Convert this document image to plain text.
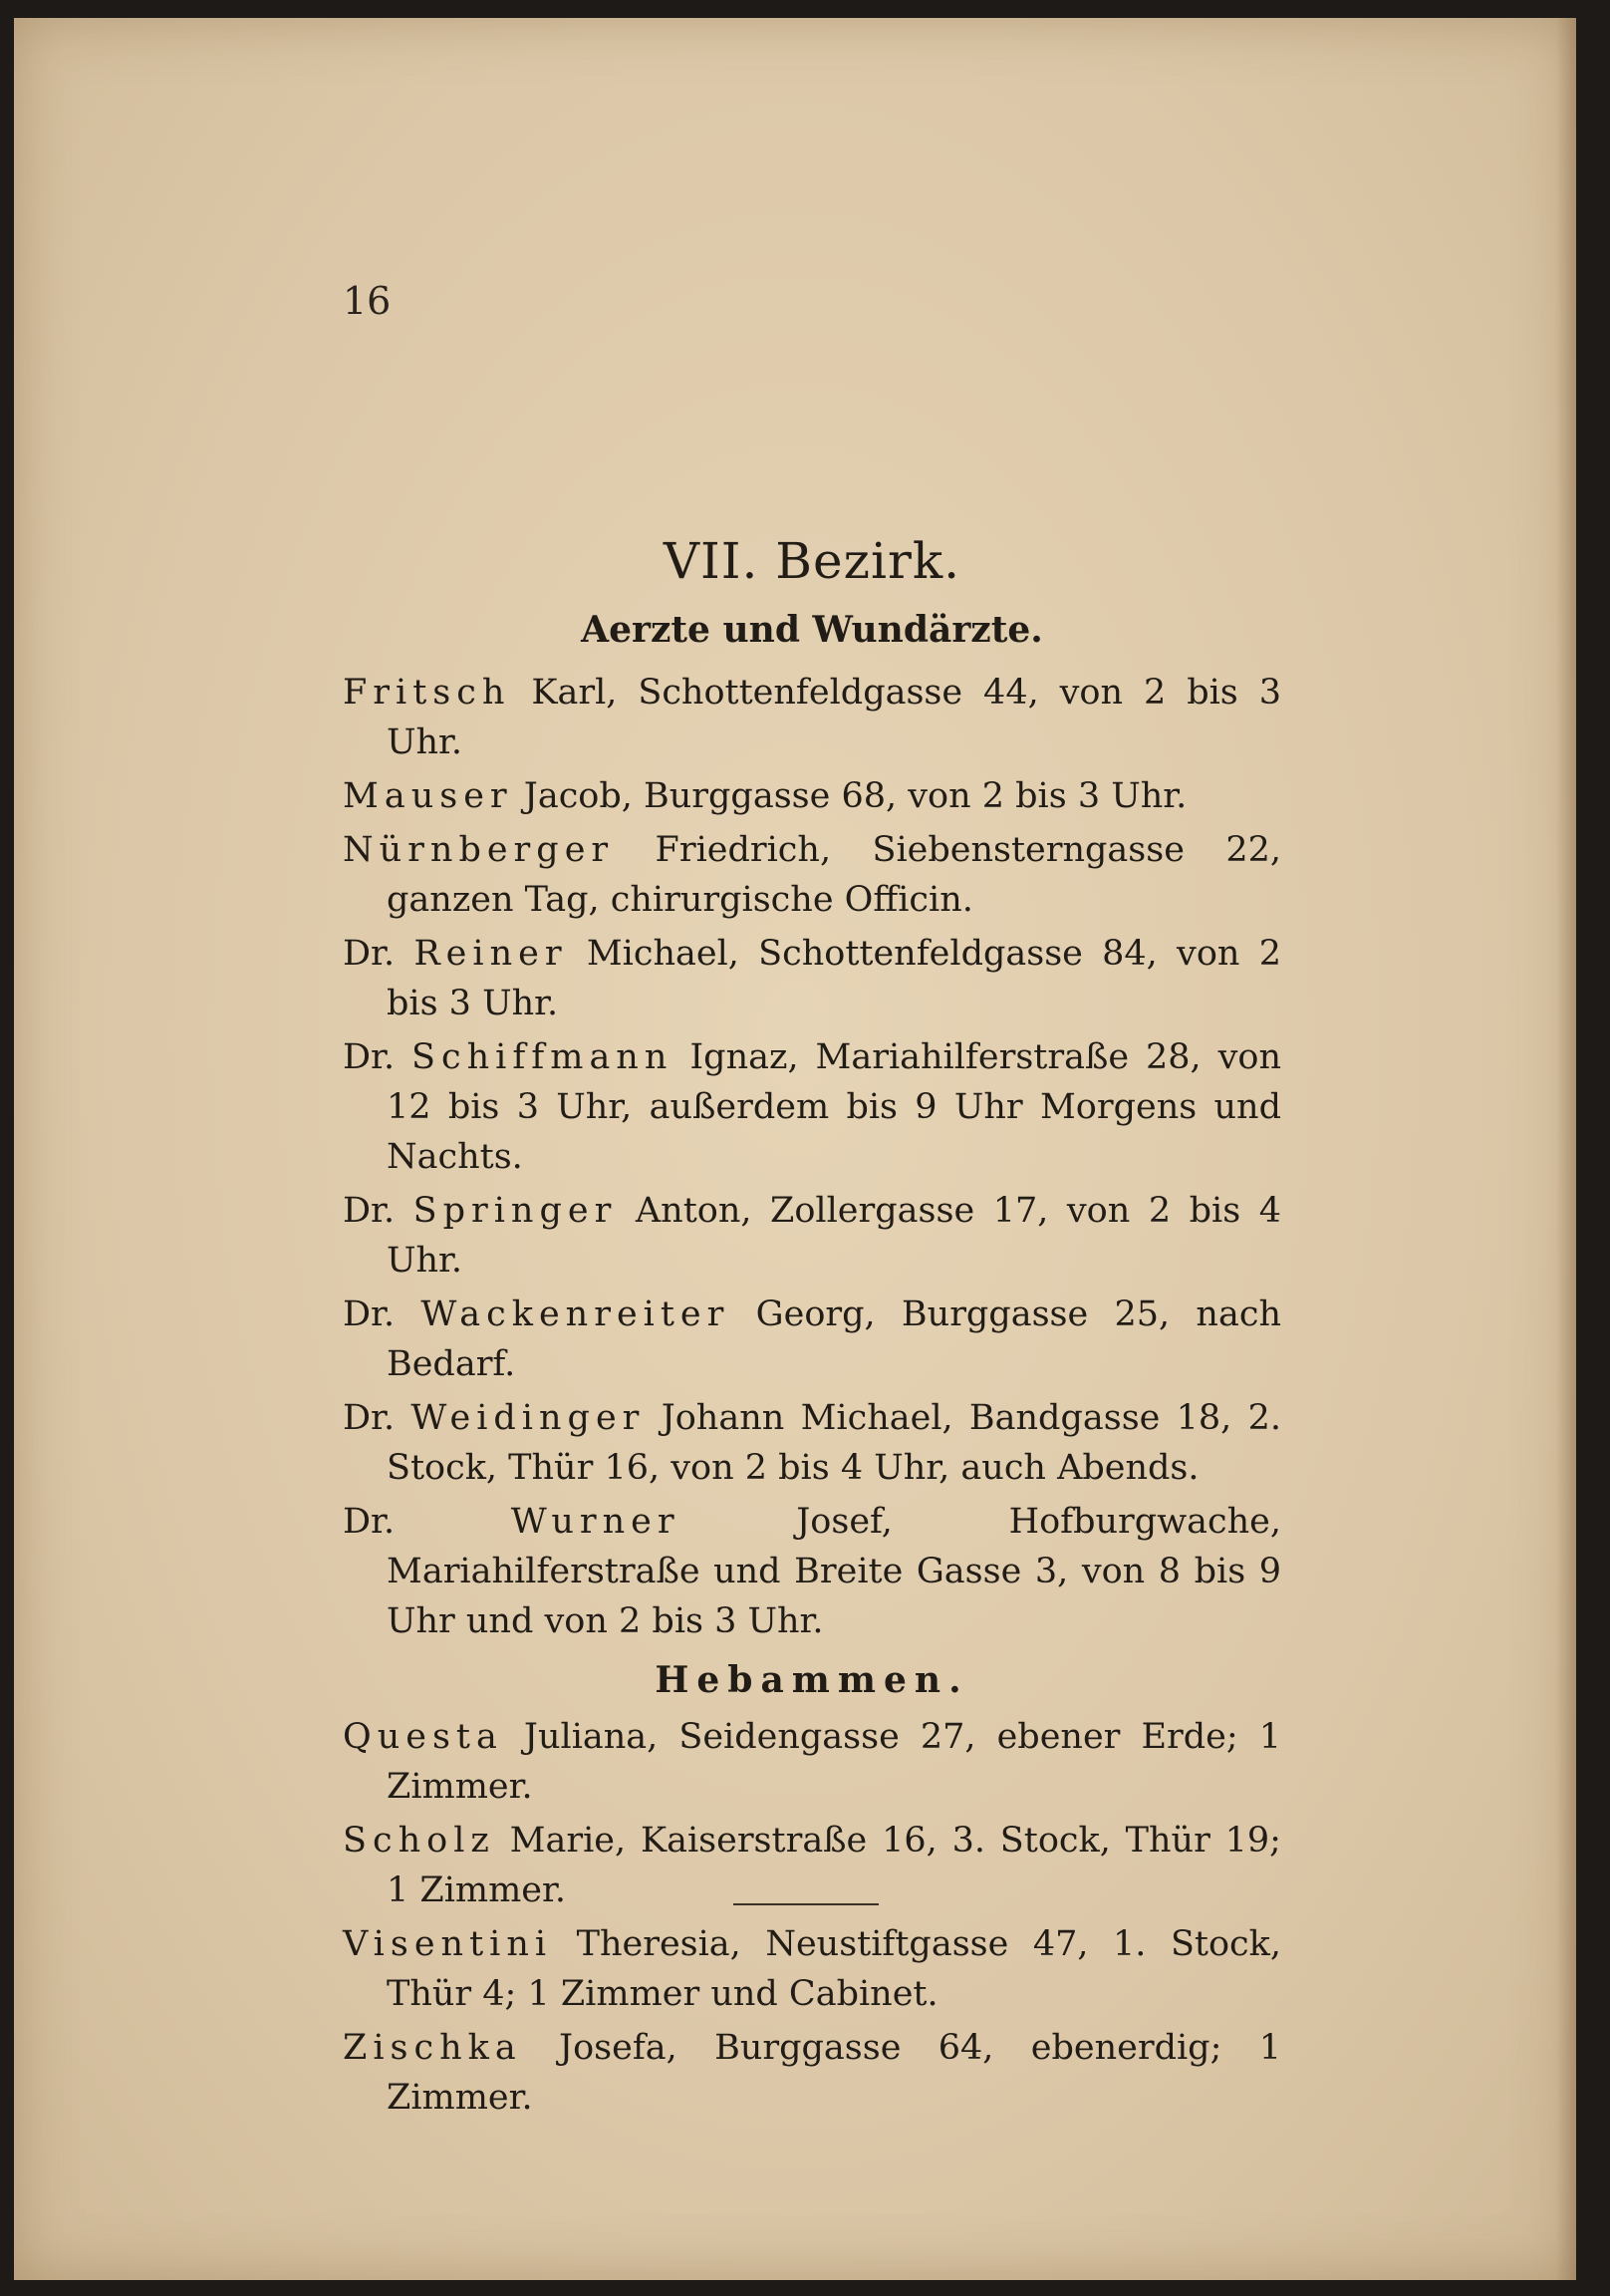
16
VII. Bezirk.
Aerzte und Wundärzte.
Fritsch Karl, Schottenfeldgasse 44, von 2 bis 3 Uhr.
Mauser Jacob, Burggasse 68, von 2 bis 3 Uhr.
Nürnberger Friedrich, Siebensterngasse 22, ganzen Tag, chirurgische Officin.
Dr. Reiner Michael, Schottenfeldgasse 84, von 2 bis 3 Uhr.
Dr. Schiffmann Ignaz, Mariahilferstraße 28, von 12 bis 3 Uhr, außerdem bis 9 Uhr Morgens und Nachts.
Dr. Springer Anton, Zollergasse 17, von 2 bis 4 Uhr.
Dr. Wackenreiter Georg, Burggasse 25, nach Bedarf.
Dr. Weidinger Johann Michael, Bandgasse 18, 2. Stock, Thür 16, von 2 bis 4 Uhr, auch Abends.
Dr.	Wurner	Josef, Hofburgwache, Mariahilferstraße und Breite Gasse 3, von 8 bis 9 Uhr und von 2 bis 3 Uhr.
Hebammen.
Questa Juliana, Seidengasse 27, ebener Erde; 1 Zimmer.
Scholz Marie, Kaiserstraße 16, 3. Stock, Thür 19; 1 Zimmer.
Visentini Theresia, Neustiftgasse 47, 1. Stock, Thür 4; 1 Zimmer und Cabinet.
Zischka Josefa, Burggasse 64, ebenerdig; 1 Zimmer.
